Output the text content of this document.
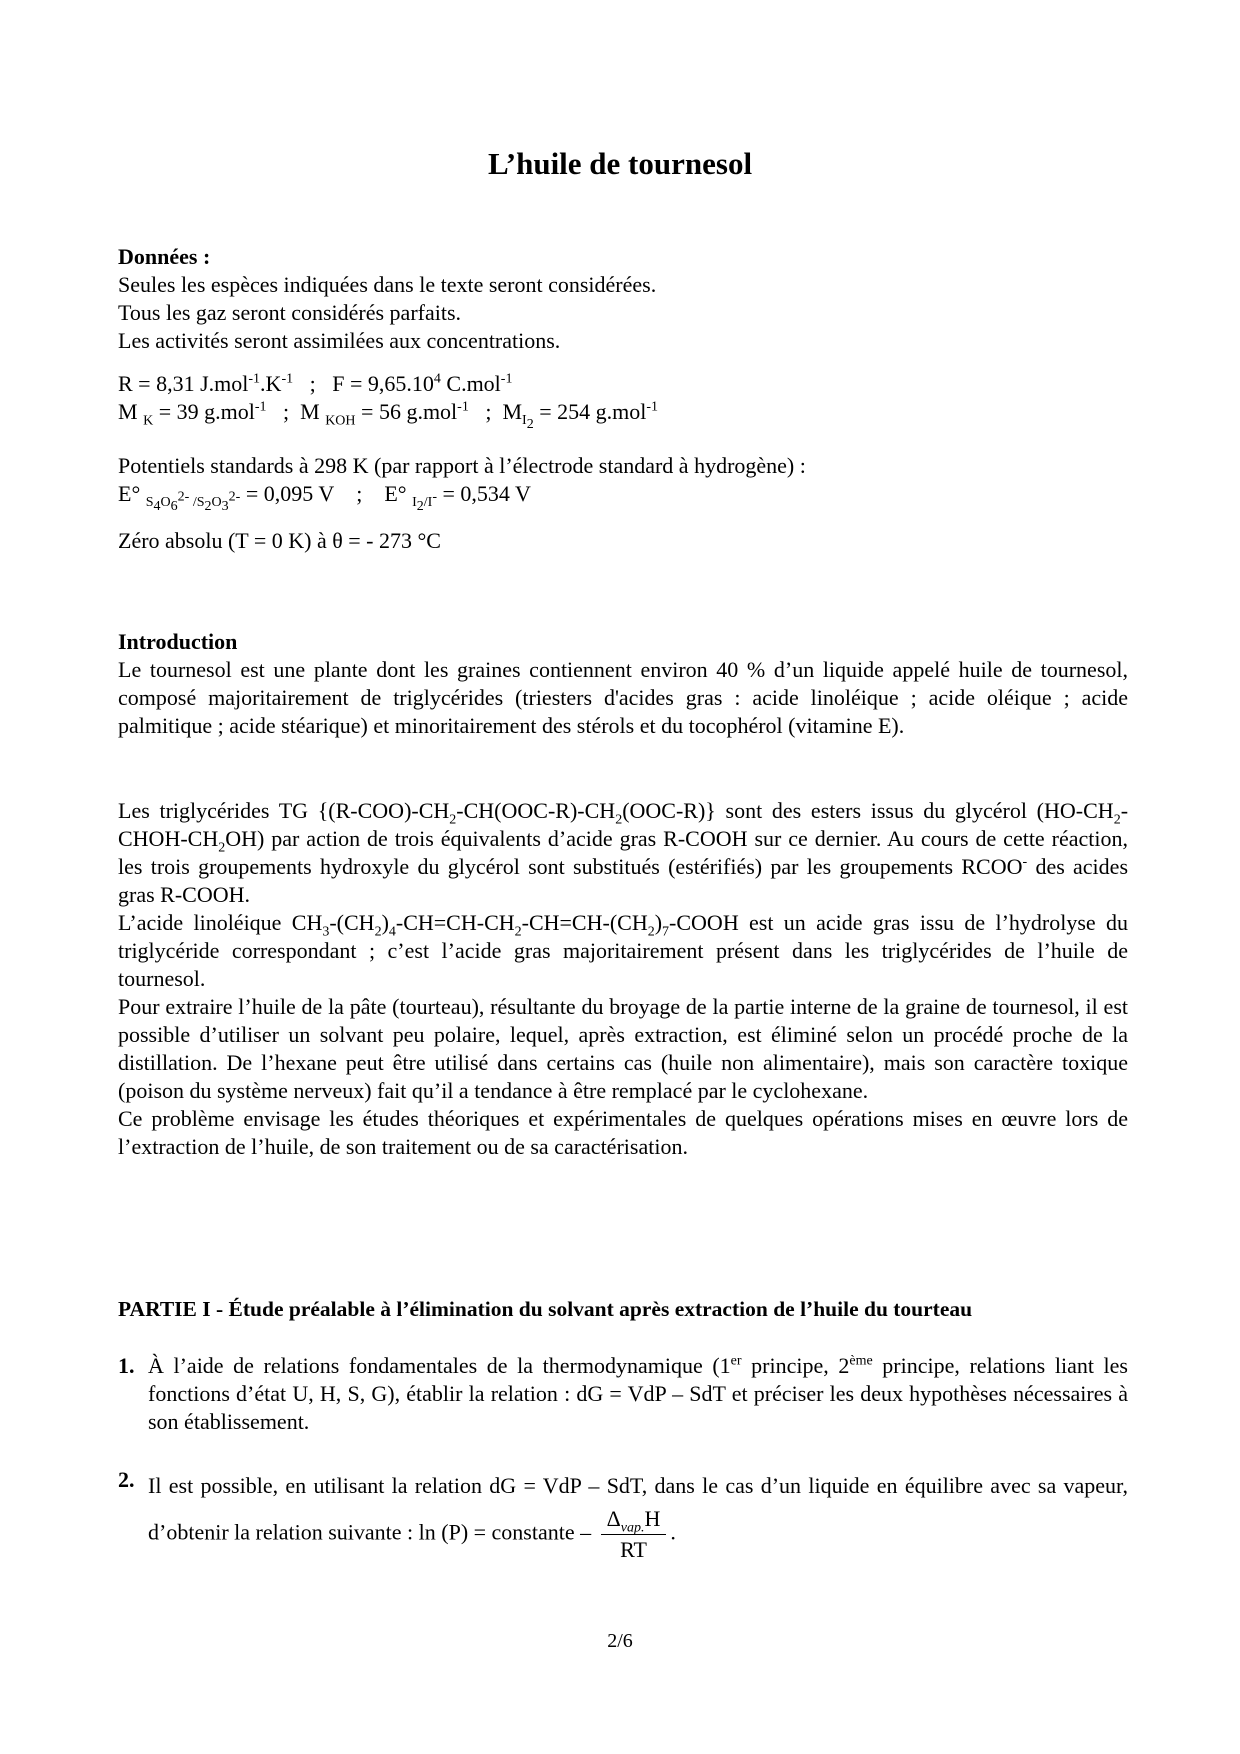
L’huile de tournesol
Données :
Seules les espèces indiquées dans le texte seront considérées.
Tous les gaz seront considérés parfaits.
Les activités seront assimilées aux concentrations.
R = 8,31 $J.mol^{-1}.K^{-1}$ ; $F = 9,65.10^4$ C.mol$^{-1}$
M $_K$ = 39 g.mol$^{-1}$ ; M $_{KOH}$ = 56 g.mol$^{-1}$ ; $M_{I_2} = 254$ g.mol$^{-1}$
Potentiels standards à 298 K (par rapport à l’électrode standard à hydrogène) :
E° $_{S_4O_6^{2-} /S_2O_3^{2-}}$ = 0,095 V ; E° $_{I_2/I^-}$ = 0,534 V
Zéro absolu (T = 0 K) à θ = - 273 °C
Introduction
Le tournesol est une plante dont les graines contiennent environ 40 % d’un liquide appelé huile de tournesol, composé majoritairement de triglycérides (triesters d'acides gras : acide linoléique ; acide oléique ; acide palmitique ; acide stéarique) et minoritairement des stérols et du tocophérol (vitamine E).
Les triglycérides TG $\{(R-COO)-CH_2-CH(OOC-R)-CH_2(OOC-R)\}$ sont des esters issus du glycérol $(HO-CH_2-CHOH-CH_2OH)$ par action de trois équivalents d’acide gras R-COOH sur ce dernier. Au cours de cette réaction, les trois groupements hydroxyle du glycérol sont substitués (estérifiés) par les groupements RCOO- des acides gras R-COOH.
L’acide linoléique $CH_3-(CH_2)_4-CH=CH-CH_2-CH=CH-(CH_2)_7$-COOH est un acide gras issu de l’hydrolyse du triglycéride correspondant ; c’est l’acide gras majoritairement présent dans les triglycérides de l’huile de tournesol.
Pour extraire l’huile de la pâte (tourteau), résultante du broyage de la partie interne de la graine de tournesol, il est possible d’utiliser un solvant peu polaire, lequel, après extraction, est éliminé selon un procédé proche de la distillation. De l’hexane peut être utilisé dans certains cas (huile non alimentaire), mais son caractère toxique (poison du système nerveux) fait qu’il a tendance à être remplacé par le cyclohexane.
Ce problème envisage les études théoriques et expérimentales de quelques opérations mises en œuvre lors de l’extraction de l’huile, de son traitement ou de sa caractérisation.
PARTIE I - Étude préalable à l’élimination du solvant après extraction de l’huile du tourteau
1. À l’aide de relations fondamentales de la thermodynamique (1er principe, 2ème principe, relations liant les fonctions d’état U, H, S, G), établir la relation : dG = VdP – SdT et préciser les deux hypothèses nécessaires à son établissement.
2. Il est possible, en utilisant la relation dG = VdP – SdT, dans le cas d’un liquide en équilibre avec sa vapeur, d’obtenir la relation suivante : ln (P) = constante – $\frac{\Delta_{vap.}H}{RT}$ .
2/6
